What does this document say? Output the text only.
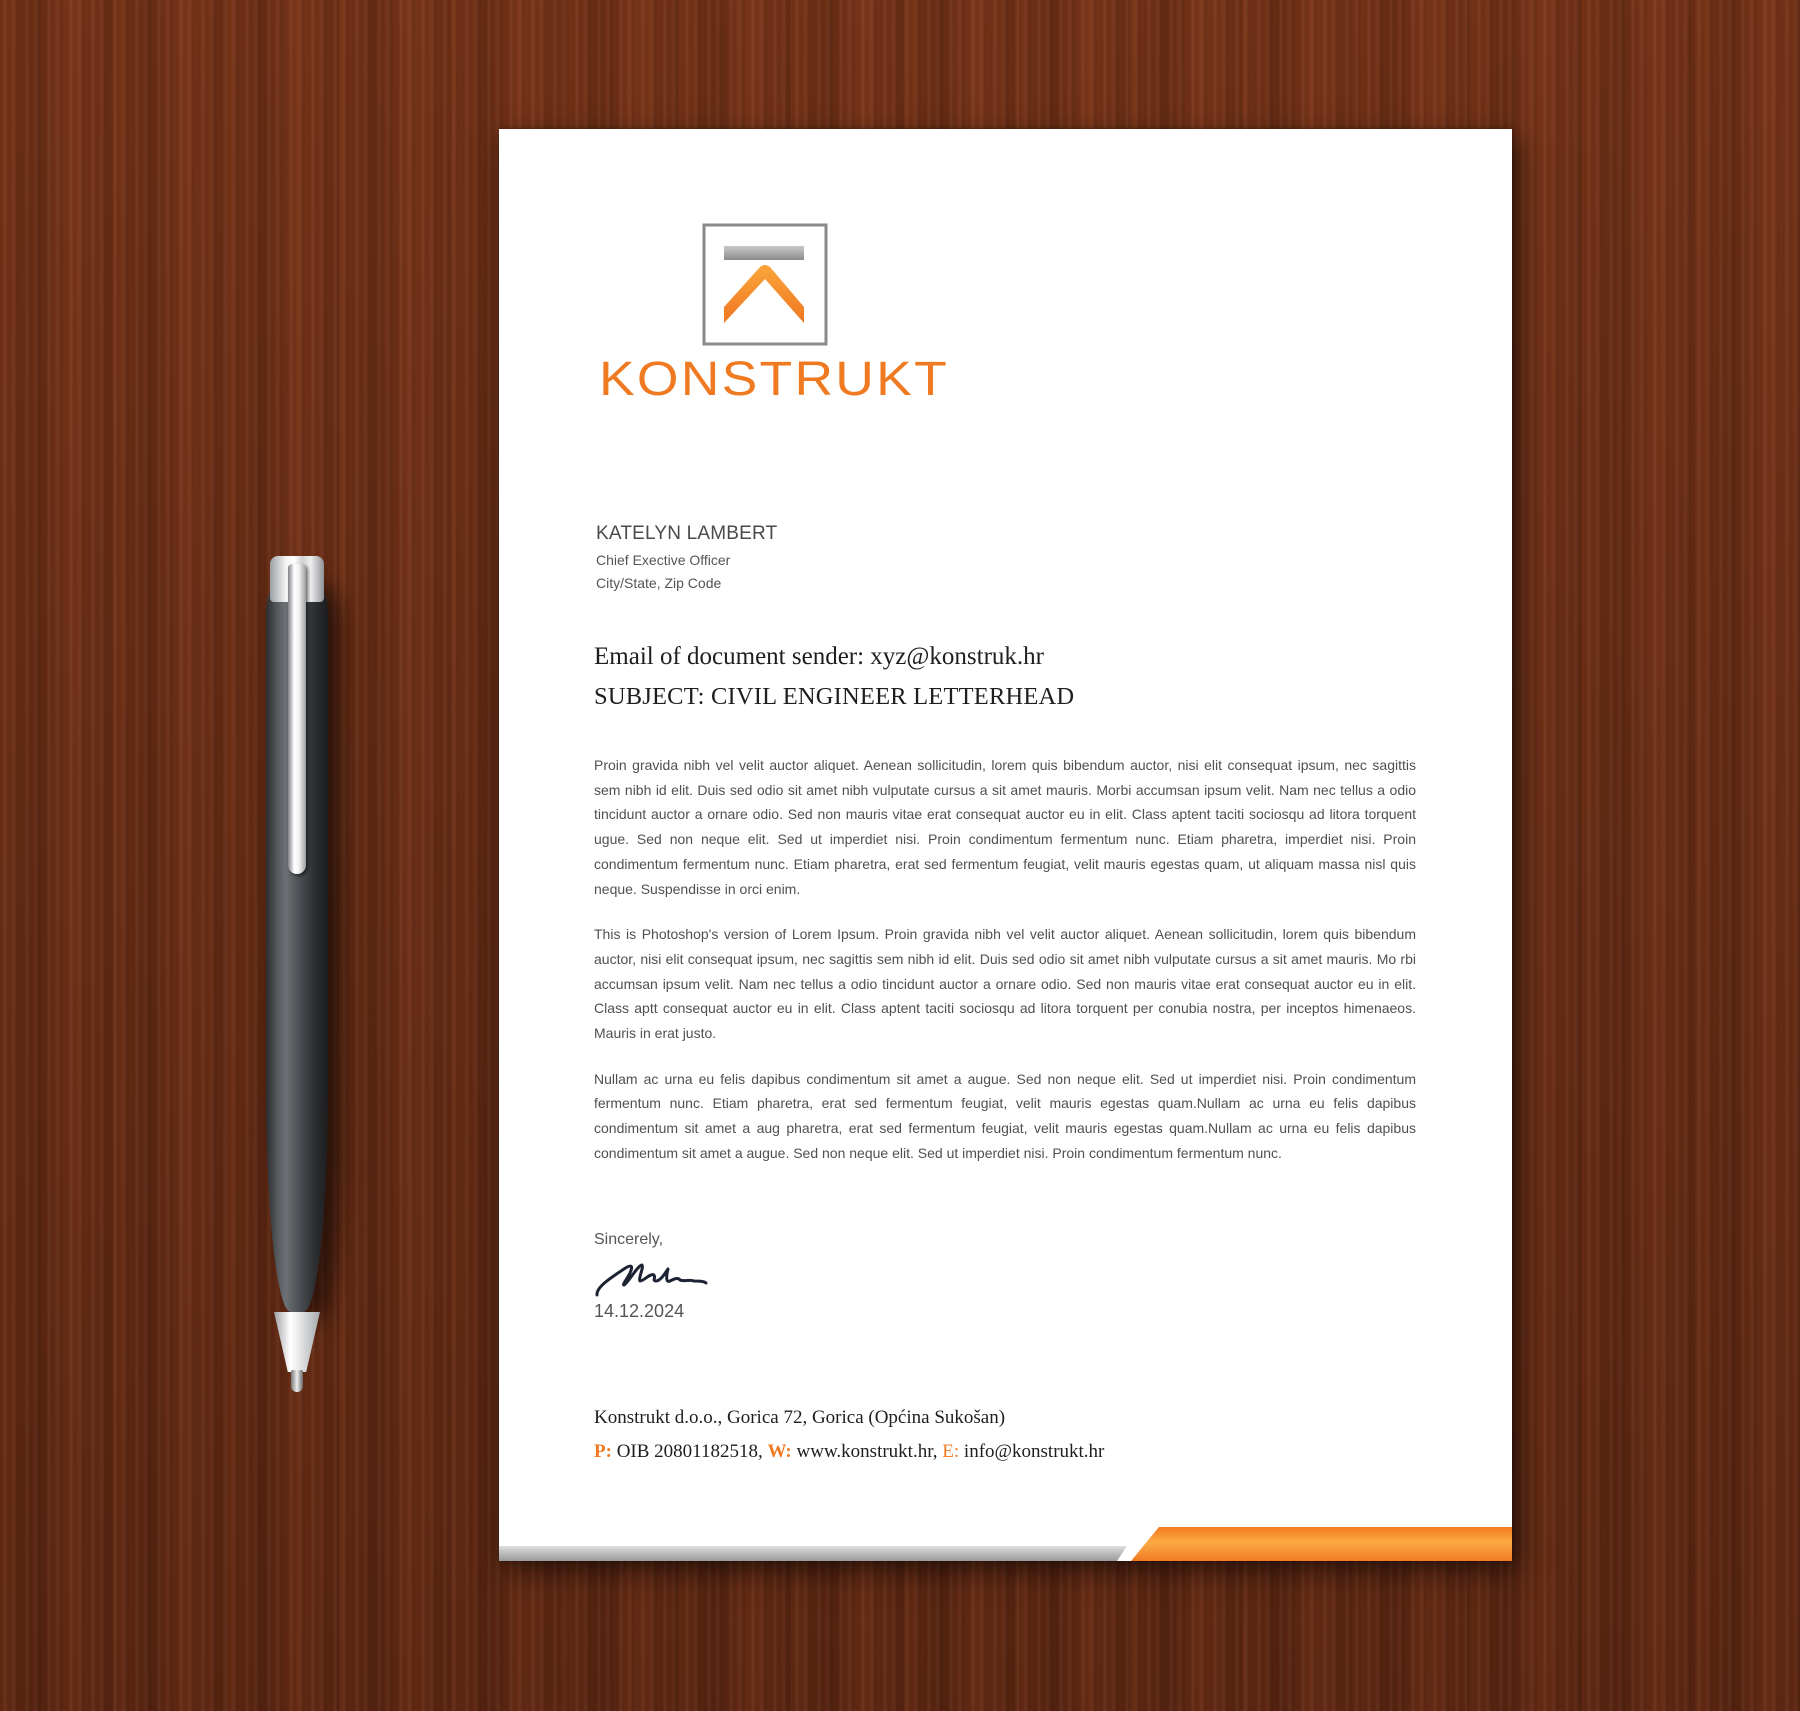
KONSTRUKT
KATELYN LAMBERT
Chief Exective Officer
City/State, Zip Code
Email of document sender: xyz@konstruk.hr
SUBJECT: CIVIL ENGINEER LETTERHEAD

Proin gravida nibh vel velit auctor aliquet. Aenean sollicitudin, lorem quis bibendum auctor, nisi elit consequat ipsum, nec sagittis sem nibh id elit. Duis sed odio sit amet nibh vulputate cursus a sit amet mauris. Morbi accumsan ipsum velit. Nam nec tellus a odio tincidunt auctor a ornare odio. Sed non mauris vitae erat consequat auctor eu in elit. Class aptent taciti sociosqu ad litora torquent ugue. Sed non neque elit. Sed ut imperdiet nisi. Proin condimentum fermentum nunc. Etiam pharetra, imperdiet nisi. Proin condimentum fermentum nunc. Etiam pharetra, erat sed fermentum feugiat, velit mauris egestas quam, ut aliquam massa nisl quis neque. Suspendisse in orci enim.

This is Photoshop's version of Lorem Ipsum. Proin gravida nibh vel velit auctor aliquet. Aenean sollicitudin, lorem quis bibendum auctor, nisi elit consequat ipsum, nec sagittis sem nibh id elit. Duis sed odio sit amet nibh vulputate cursus a sit amet mauris. Mo rbi accumsan ipsum velit. Nam nec tellus a odio tincidunt auctor a ornare odio. Sed non mauris vitae erat consequat auctor eu in elit. Class aptt consequat auctor eu in elit. Class aptent taciti sociosqu ad litora torquent per conubia nostra, per inceptos himenaeos. Mauris in erat justo.

Nullam ac urna eu felis dapibus condimentum sit amet a augue. Sed non neque elit. Sed ut imperdiet nisi. Proin condimentum fermentum nunc. Etiam pharetra, erat sed fermentum feugiat, velit mauris egestas quam.Nullam ac urna eu felis dapibus condimentum sit amet a aug pharetra, erat sed fermentum feugiat, velit mauris egestas quam.Nullam ac urna eu felis dapibus condimentum sit amet a augue. Sed non neque elit. Sed ut imperdiet nisi. Proin condimentum fermentum nunc.

Sincerely,
14.12.2024
Konstrukt d.o.o., Gorica 72, Gorica (Općina Sukošan)
P: OIB 20801182518, W: www.konstrukt.hr, E: info@konstrukt.hr
